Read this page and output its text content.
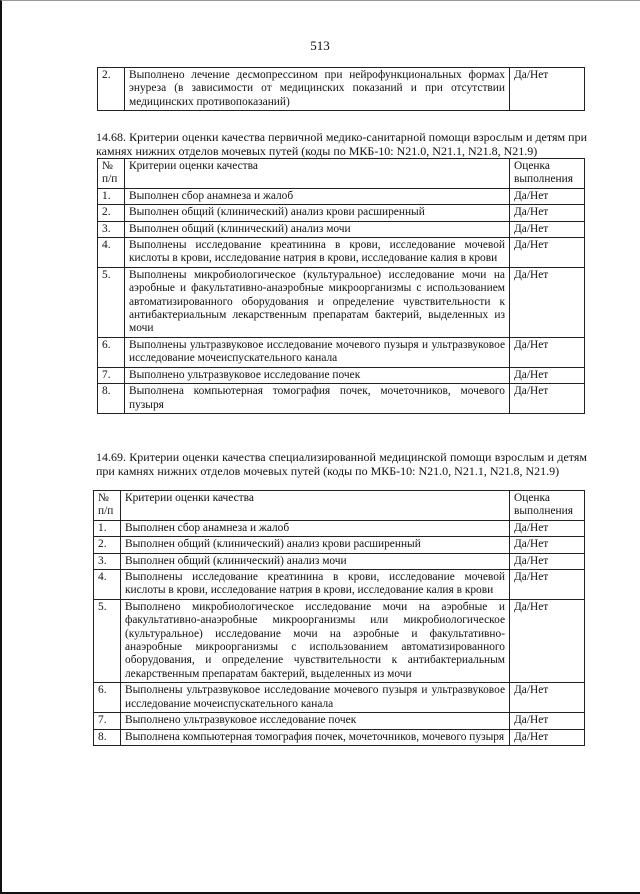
513
2.	Выполнено лечение десмопрессином при нейрофункциональных формах энуреза (в зависимости от медицинских показаний и при отсутствии медицинских противопоказаний)	Да/Нет
14.68. Критерии оценки качества первичной медико-санитарной помощи взрослым и детям при камнях нижних отделов мочевых путей (коды по МКБ-10: N21.0, N21.1, N21.8, N21.9)
№ п/п	Критерии оценки качества	Оценка выполнения
1.	Выполнен сбор анамнеза и жалоб	Да/Нет
2.	Выполнен общий (клинический) анализ крови расширенный	Да/Нет
3.	Выполнен общий (клинический) анализ мочи	Да/Нет
4.	Выполнены исследование креатинина в крови, исследование мочевой кислоты в крови, исследование натрия в крови, исследование калия в крови	Да/Нет
5.	Выполнены микробиологическое (культуральное) исследование мочи на аэробные и факультативно-анаэробные микроорганизмы с использованием автоматизированного оборудования и определение чувствительности к антибактериальным лекарственным препаратам бактерий, выделенных из мочи	Да/Нет
6.	Выполнены ультразвуковое исследование мочевого пузыря и ультразвуковое исследование мочеиспускательного канала	Да/Нет
7.	Выполнено ультразвуковое исследование почек	Да/Нет
8.	Выполнена компьютерная томография почек, мочеточников, мочевого пузыря	Да/Нет
14.69. Критерии оценки качества специализированной медицинской помощи взрослым и детям при камнях нижних отделов мочевых путей (коды по МКБ-10: N21.0, N21.1, N21.8, N21.9)
№ п/п	Критерии оценки качества	Оценка выполнения
1.	Выполнен сбор анамнеза и жалоб	Да/Нет
2.	Выполнен общий (клинический) анализ крови расширенный	Да/Нет
3.	Выполнен общий (клинический) анализ мочи	Да/Нет
4.	Выполнены исследование креатинина в крови, исследование мочевой кислоты в крови, исследование натрия в крови, исследование калия в крови	Да/Нет
5.	Выполнено микробиологическое исследование мочи на аэробные и факультативно-анаэробные микроорганизмы или микробиологическое (культуральное) исследование мочи на аэробные и факультативно-анаэробные микроорганизмы с использованием автоматизированного оборудования, и определение чувствительности к антибактериальным лекарственным препаратам бактерий, выделенных из мочи	Да/Нет
6.	Выполнены ультразвуковое исследование мочевого пузыря и ультразвуковое исследование мочеиспускательного канала	Да/Нет
7.	Выполнено ультразвуковое исследование почек	Да/Нет
8.	Выполнена компьютерная томография почек, мочеточников, мочевого пузыря	Да/Нет
